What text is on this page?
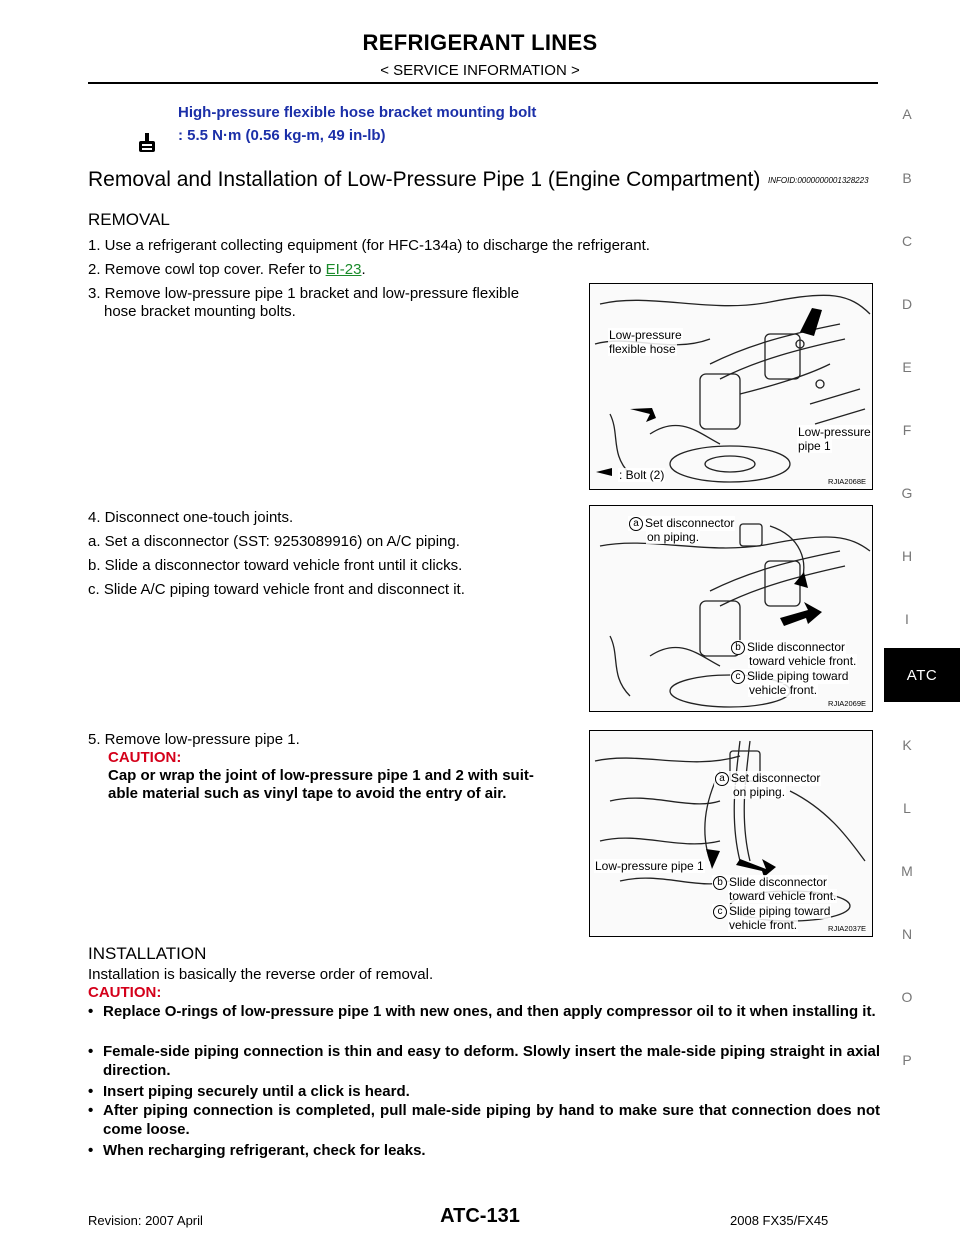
REFRIGERANT LINES
< SERVICE INFORMATION >
A
B
C
D
E
F
G
H
I
ATC
K
L
M
N
O
P
High-pressure flexible hose bracket mounting bolt
: 5.5 N·m (0.56 kg-m, 49 in-lb)
Removal and Installation of Low-Pressure Pipe 1 (Engine Compartment) INFOID:0000000001328223
REMOVAL
1. Use a refrigerant collecting equipment (for HFC-134a) to discharge the refrigerant.
2. Remove cowl top cover. Refer to EI-23.
3. Remove low-pressure pipe 1 bracket and low-pressure flexible
hose bracket mounting bolts.
4. Disconnect one-touch joints.
a. Set a disconnector (SST: 9253089916) on A/C piping.
b. Slide a disconnector toward vehicle front until it clicks.
c. Slide A/C piping toward vehicle front and disconnect it.
5. Remove low-pressure pipe 1.
CAUTION:
Cap or wrap the joint of low-pressure pipe 1 and 2 with suit-
able material such as vinyl tape to avoid the entry of air.
Low-pressure
flexible hose
Low-pressure
pipe 1
: Bolt (2)	RJIA2068E
a Set disconnector
on piping.
b Slide disconnector
toward vehicle front.
c Slide piping toward
vehicle front.
RJIA2069E
a Set disconnector
on piping.
Low-pressure pipe 1
b Slide disconnector
toward vehicle front.
c Slide piping toward
vehicle front.	RJIA2037E
INSTALLATION
Installation is basically the reverse order of removal.
CAUTION:
• Replace O-rings of low-pressure pipe 1 with new ones, and then apply compressor oil to it when installing it.
• Female-side piping connection is thin and easy to deform. Slowly insert the male-side piping straight in axial direction.
• Insert piping securely until a click is heard.
• After piping connection is completed, pull male-side piping by hand to make sure that connection does not come loose.
• When recharging refrigerant, check for leaks.
Revision: 2007 April	ATC-131	2008 FX35/FX45
